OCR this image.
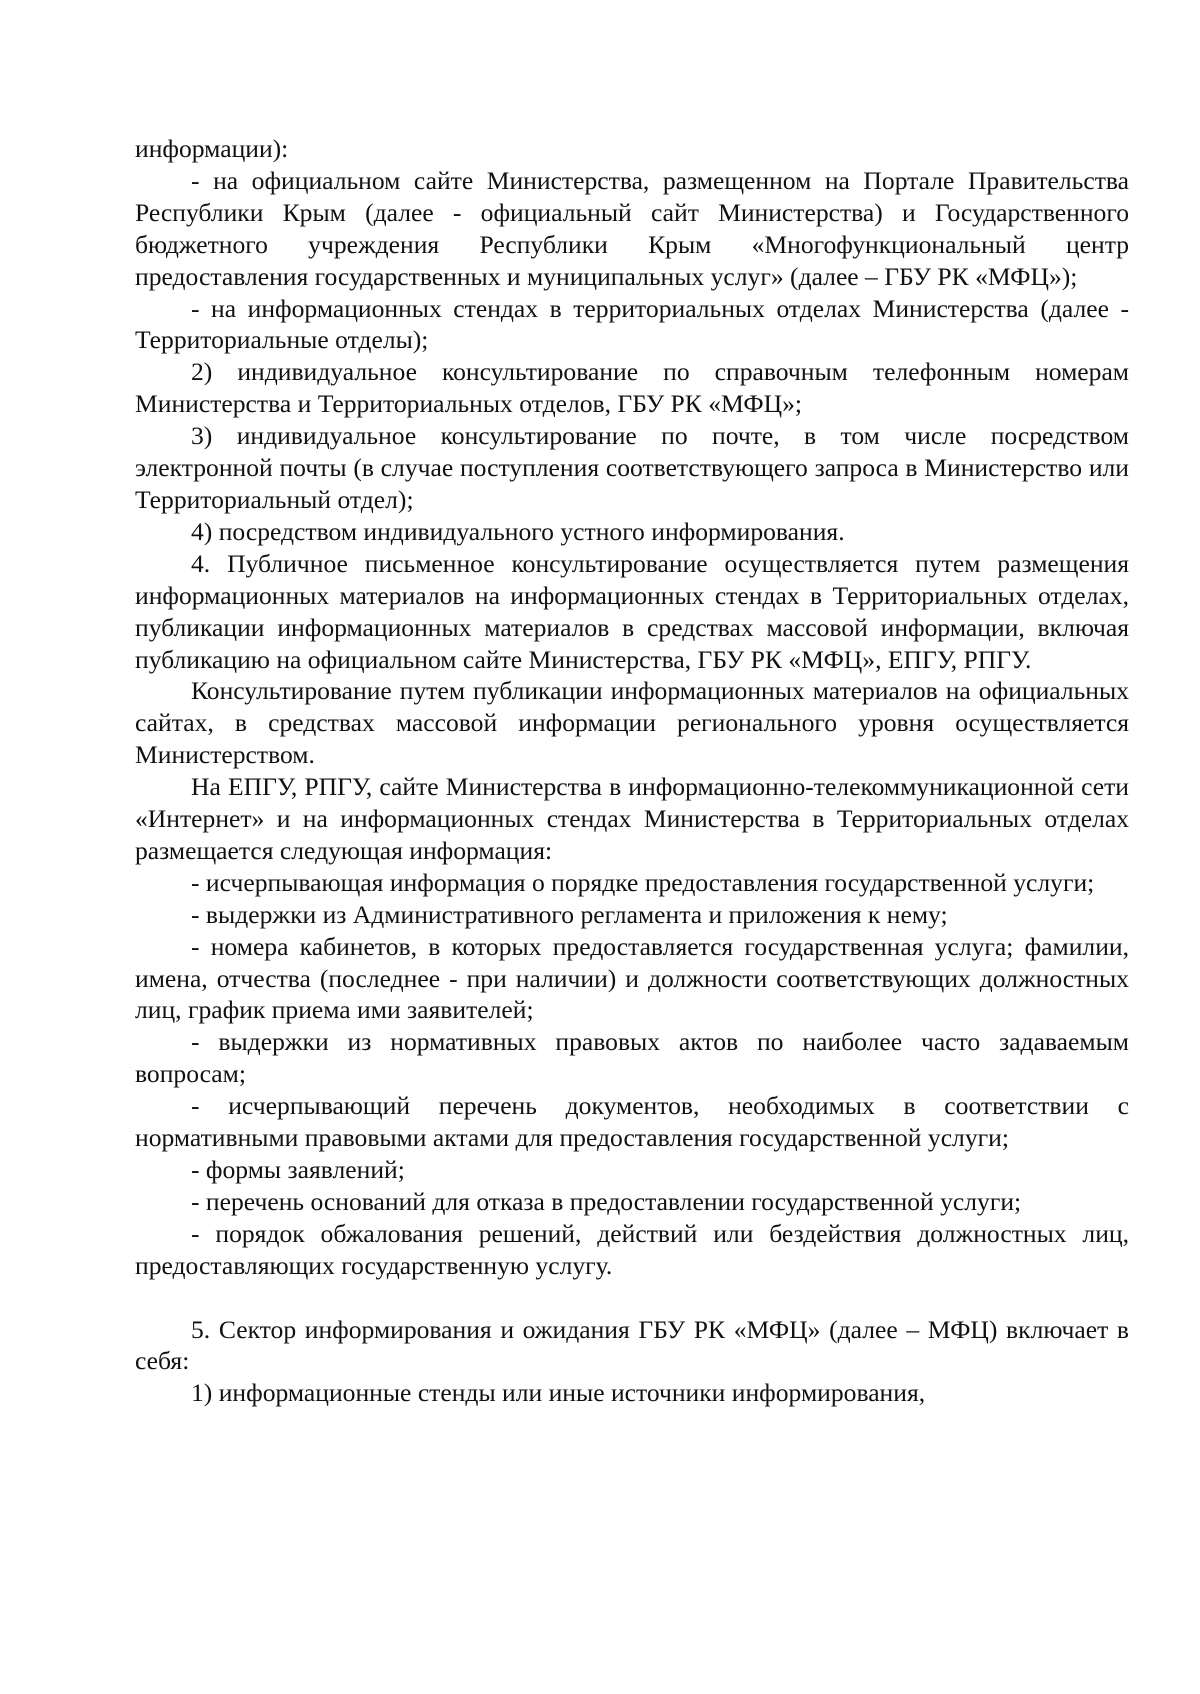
информации):

- на официальном сайте Министерства, размещенном на Портале Правительства Республики Крым (далее - официальный сайт Министерства) и Государственного бюджетного учреждения Республики Крым «Многофункциональный центр предоставления государственных и муниципальных услуг» (далее – ГБУ РК «МФЦ»);

- на информационных стендах в территориальных отделах Министерства (далее - Территориальные отделы);

2) индивидуальное консультирование по справочным телефонным номерам Министерства и Территориальных отделов, ГБУ РК «МФЦ»;

3) индивидуальное консультирование по почте, в том числе посредством электронной почты (в случае поступления соответствующего запроса в Министерство или Территориальный отдел);

4) посредством индивидуального устного информирования.

4. Публичное письменное консультирование осуществляется путем размещения информационных материалов на информационных стендах в Территориальных отделах, публикации информационных материалов в средствах массовой информации, включая публикацию на официальном сайте Министерства, ГБУ РК «МФЦ», ЕПГУ, РПГУ.

Консультирование путем публикации информационных материалов на официальных сайтах, в средствах массовой информации регионального уровня осуществляется Министерством.

На ЕПГУ, РПГУ, сайте Министерства в информационно-телекоммуникационной сети «Интернет» и на информационных стендах Министерства в Территориальных отделах размещается следующая информация:

- исчерпывающая информация о порядке предоставления государственной услуги;

- выдержки из Административного регламента и приложения к нему;

- номера кабинетов, в которых предоставляется государственная услуга; фамилии, имена, отчества (последнее - при наличии) и должности соответствующих должностных лиц, график приема ими заявителей;

- выдержки из нормативных правовых актов по наиболее часто задаваемым вопросам;

- исчерпывающий перечень документов, необходимых в соответствии с нормативными правовыми актами для предоставления государственной услуги;

- формы заявлений;

- перечень оснований для отказа в предоставлении государственной услуги;

- порядок обжалования решений, действий или бездействия должностных лиц, предоставляющих государственную услугу.

5. Сектор информирования и ожидания ГБУ РК «МФЦ» (далее – МФЦ) включает в себя:

1) информационные стенды или иные источники информирования,
